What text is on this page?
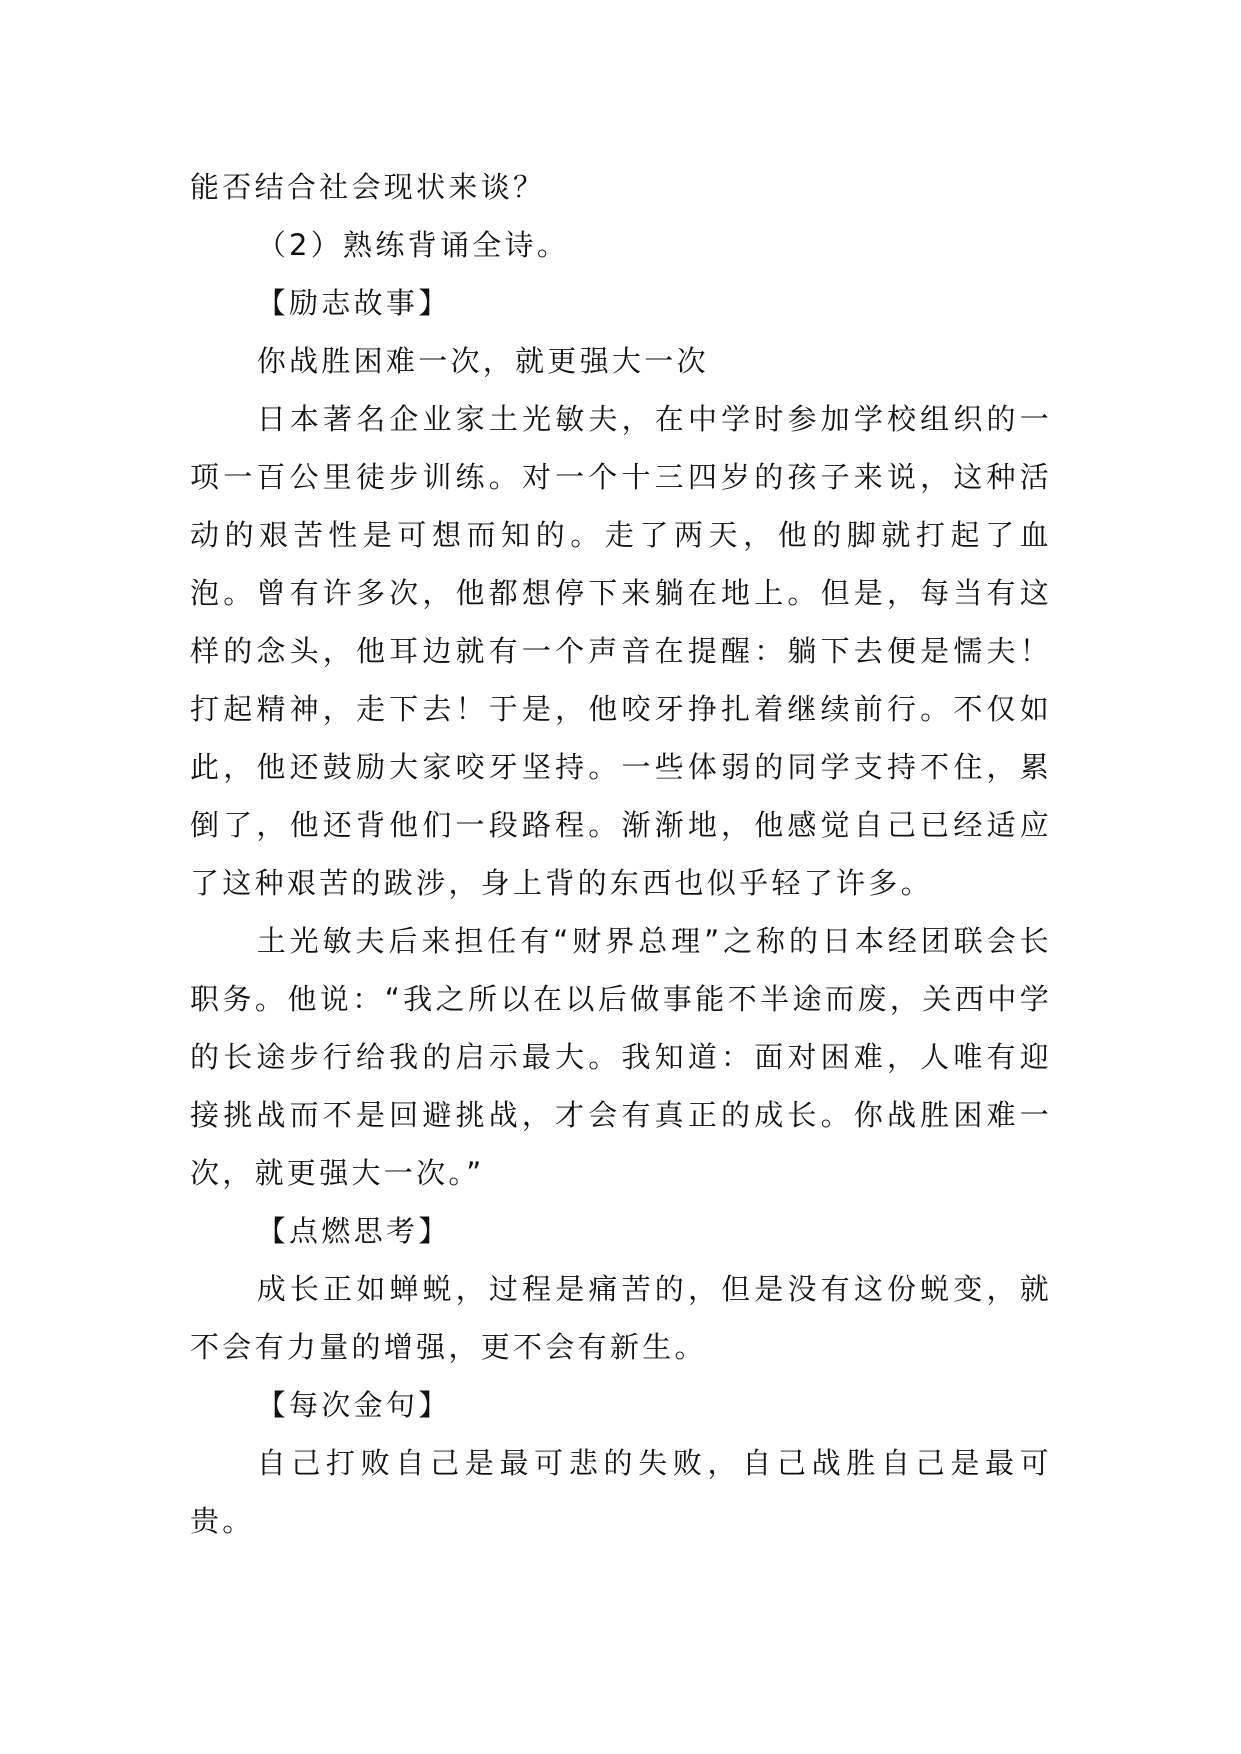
能否结合社会现状来谈？

（2）熟练背诵全诗。

【励志故事】

你战胜困难一次，就更强大一次

日本著名企业家土光敏夫，在中学时参加学校组织的一项一百公里徒步训练。对一个十三四岁的孩子来说，这种活动的艰苦性是可想而知的。走了两天，他的脚就打起了血泡。曾有许多次，他都想停下来躺在地上。但是，每当有这样的念头，他耳边就有一个声音在提醒：躺下去便是懦夫！打起精神，走下去！于是，他咬牙挣扎着继续前行。不仅如此，他还鼓励大家咬牙坚持。一些体弱的同学支持不住，累倒了，他还背他们一段路程。渐渐地，他感觉自己已经适应了这种艰苦的跋涉，身上背的东西也似乎轻了许多。

土光敏夫后来担任有“财界总理”之称的日本经团联会长职务。他说：“我之所以在以后做事能不半途而废，关西中学的长途步行给我的启示最大。我知道：面对困难，人唯有迎接挑战而不是回避挑战，才会有真正的成长。你战胜困难一次，就更强大一次。”

【点燃思考】

成长正如蝉蜕，过程是痛苦的，但是没有这份蜕变，就不会有力量的增强，更不会有新生。

【每次金句】

自己打败自己是最可悲的失败，自己战胜自己是最可贵。
